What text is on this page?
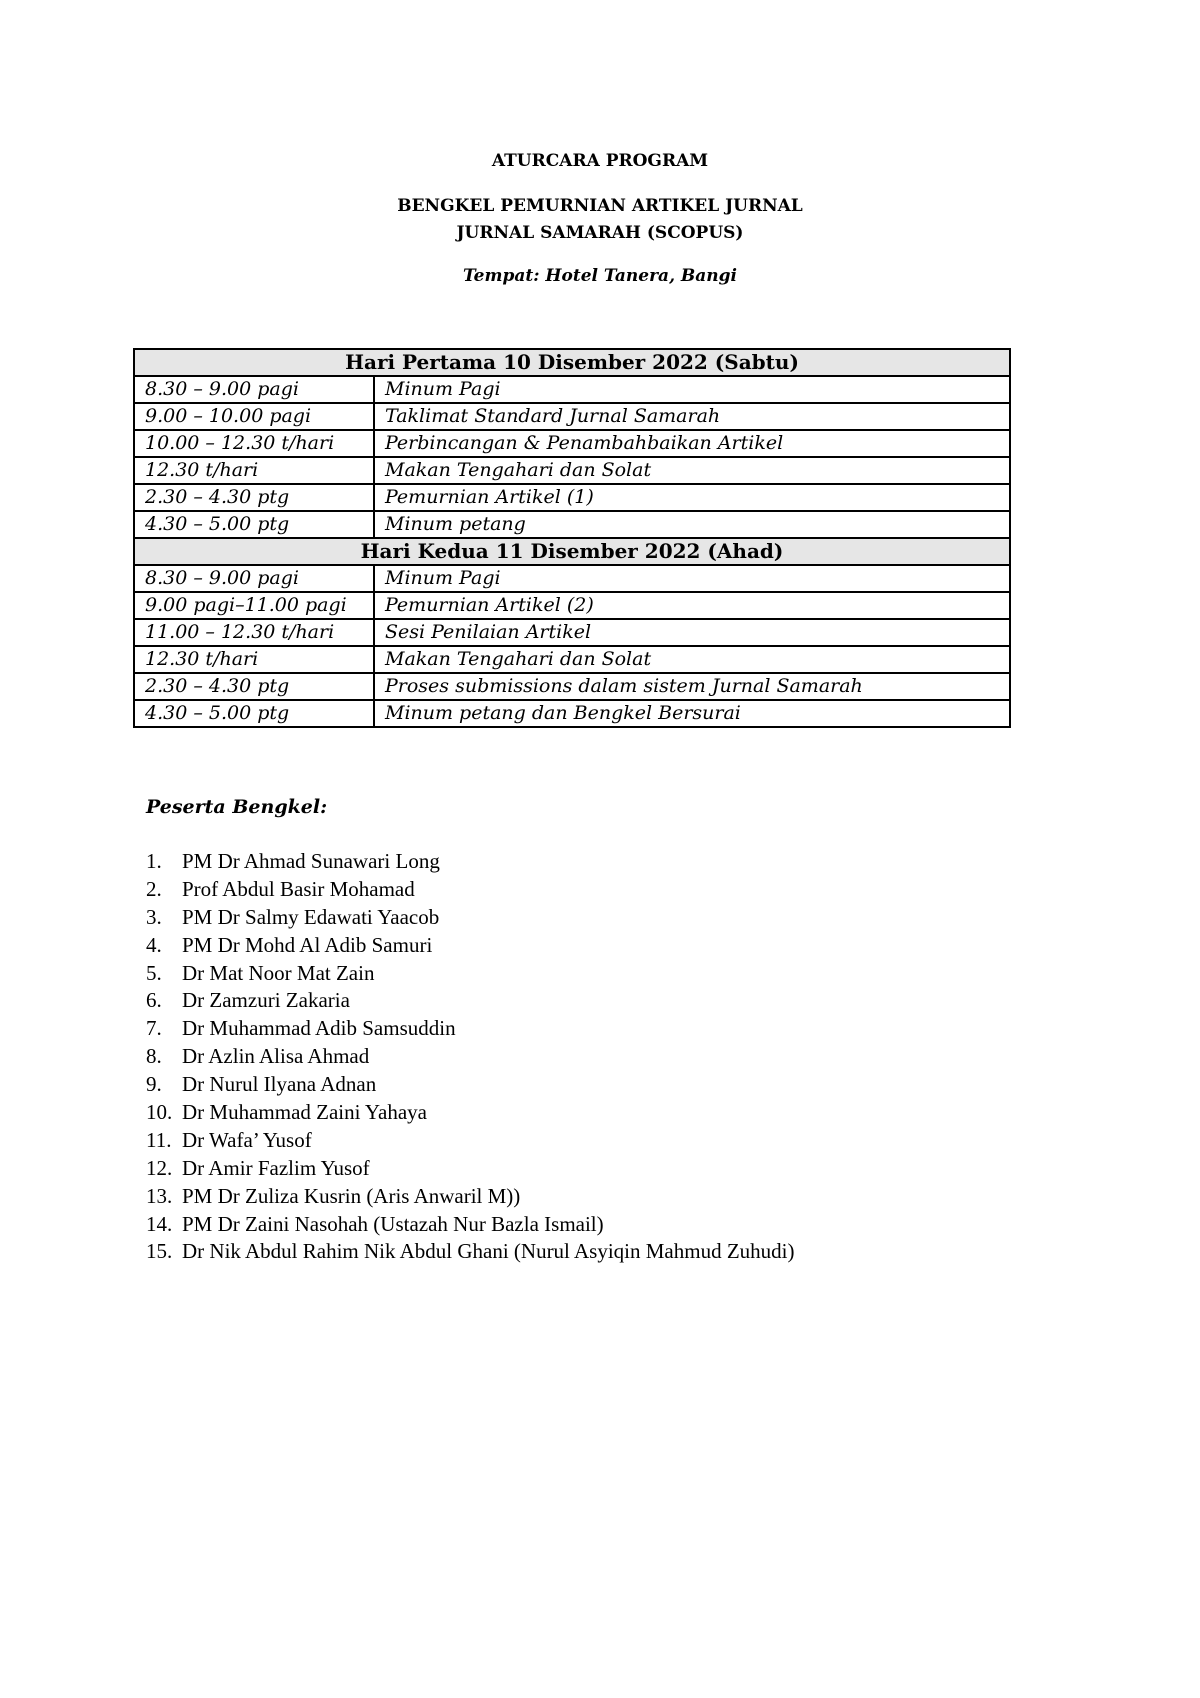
ATURCARA PROGRAM
BENGKEL PEMURNIAN ARTIKEL JURNAL
JURNAL SAMARAH (SCOPUS)
Tempat: Hotel Tanera, Bangi
Hari Pertama 10 Disember 2022 (Sabtu)	
8.30 – 9.00 pagi	Minum Pagi
9.00 – 10.00 pagi	Taklimat Standard Jurnal Samarah
10.00 – 12.30 t/hari	Perbincangan & Penambahbaikan Artikel
12.30 t/hari	Makan Tengahari dan Solat
2.30 – 4.30 ptg	Pemurnian Artikel (1)
4.30 – 5.00 ptg	Minum petang
Hari Kedua 11 Disember 2022 (Ahad)	
8.30 – 9.00 pagi	Minum Pagi
9.00 pagi–11.00 pagi	Pemurnian Artikel (2)
11.00 – 12.30 t/hari	Sesi Penilaian Artikel
12.30 t/hari	Makan Tengahari dan Solat
2.30 – 4.30 ptg	Proses submissions dalam sistem Jurnal Samarah
4.30 – 5.00 ptg	Minum petang dan Bengkel Bersurai
Peserta Bengkel:
1. PM Dr Ahmad Sunawari Long
2. Prof Abdul Basir Mohamad
3. PM Dr Salmy Edawati Yaacob
4. PM Dr Mohd Al Adib Samuri
5. Dr Mat Noor Mat Zain
6. Dr Zamzuri Zakaria
7. Dr Muhammad Adib Samsuddin
8. Dr Azlin Alisa Ahmad
9. Dr Nurul Ilyana Adnan
10. Dr Muhammad Zaini Yahaya
11. Dr Wafa’ Yusof
12. Dr Amir Fazlim Yusof
13. PM Dr Zuliza Kusrin (Aris Anwaril M))
14. PM Dr Zaini Nasohah (Ustazah Nur Bazla Ismail)
15. Dr Nik Abdul Rahim Nik Abdul Ghani (Nurul Asyiqin Mahmud Zuhudi)
